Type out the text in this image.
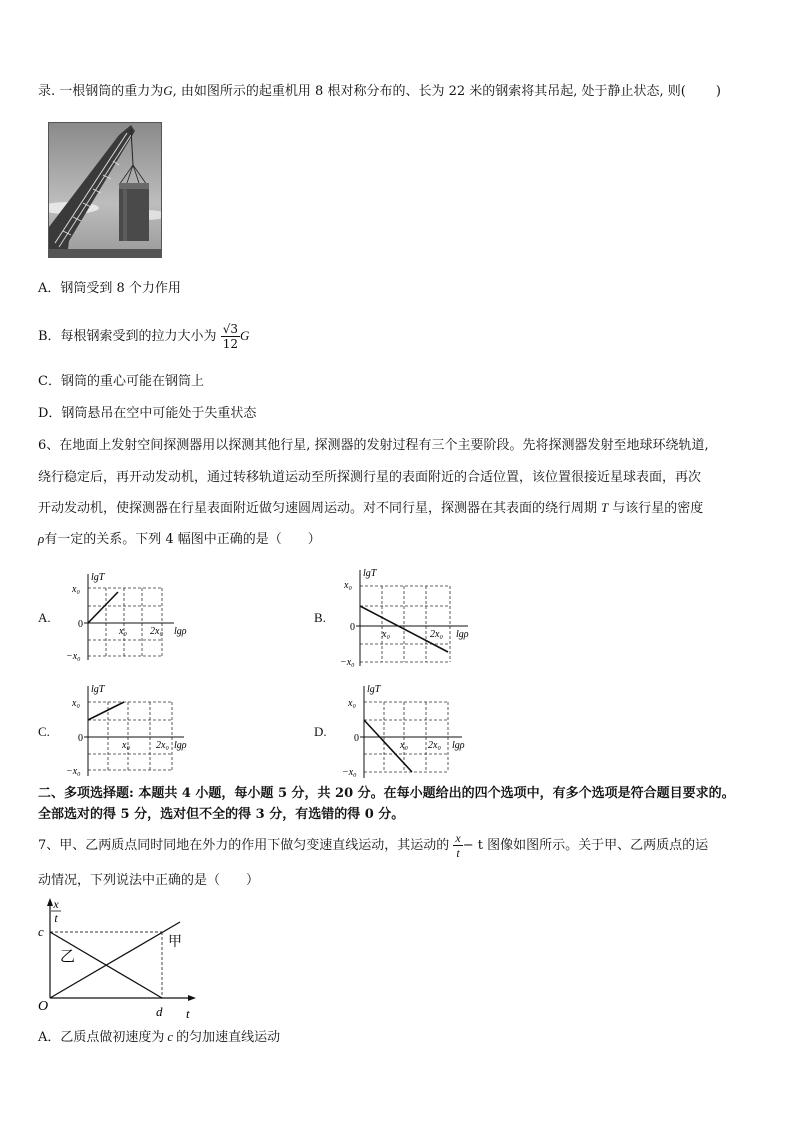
录. 一根钢筒的重力为G, 由如图所示的起重机用 8 根对称分布的、长为 22 米的钢索将其吊起, 处于静止状态, 则( )
A．钢筒受到 8 个力作用
B．每根钢索受到的拉力大小为 $\frac{√3}{12}$ G
C．钢筒的重心可能在钢筒上
D．钢筒悬吊在空中可能处于失重状态
6、在地面上发射空间探测器用以探测其他行星, 探测器的发射过程有三个主要阶段。先将探测器发射至地球环绕轨道,
绕行稳定后，再开动发动机，通过转移轨道运动至所探测行星的表面附近的合适位置，该位置很接近星球表面，再次
开动发动机，使探测器在行星表面附近做匀速圆周运动。对不同行星，探测器在其表面的绕行周期 T 与该行星的密度
ρ有一定的关系。下列 4 幅图中正确的是（　　）
A.	B.
C.	D.
lgT
x₀
0
−x₀
x₀ 2x₀ lgρ
lgT
x₀
0
−x₀
x₀	2x₀ lgρ
lgT
x₀
0
−x₀
x₀	2x₀ lgρ
lgT
x₀
0
−x₀
x₀ 2x₀ lgρ
二、多项选择题: 本题共 4 小题，每小题 5 分，共 20 分。在每小题给出的四个选项中，有多个选项是符合题目要求的。
全部选对的得 5 分，选对但不全的得 3 分，有选错的得 0 分。
7、甲、乙两质点同时同地在外力的作用下做匀变速直线运动，其运动的 $\frac{x}{t} - t$ 图像如图所示。关于甲、乙两质点的运
动情况，下列说法中正确的是（　　）
x
t
c
O	d t
甲
乙
A．乙质点做初速度为 c 的匀加速直线运动
